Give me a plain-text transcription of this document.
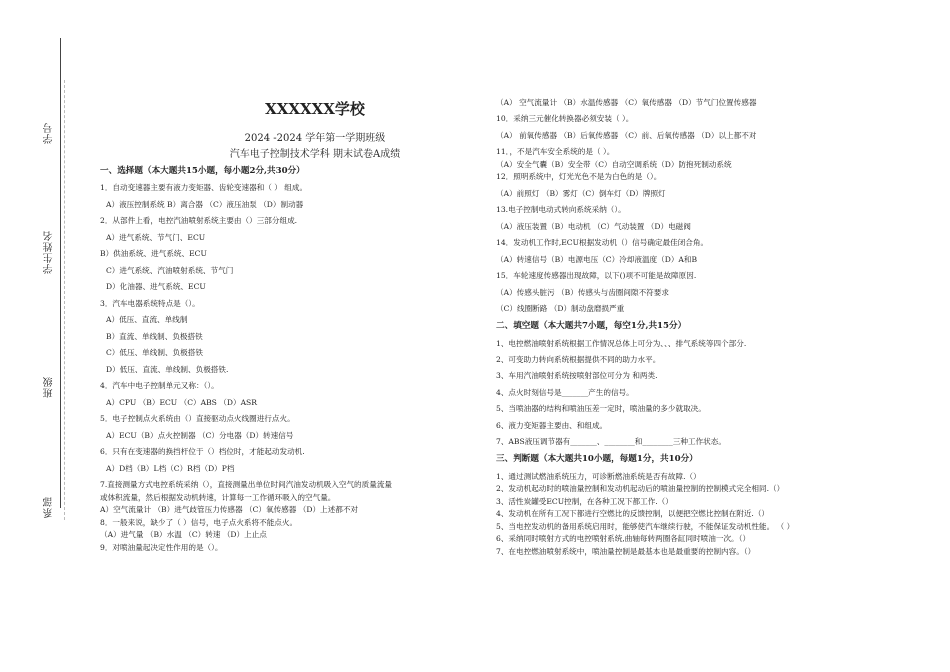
学号
学生姓名
班级
系部
XXXXXX学校
2024 -2024 学年第一学期班级
汽车电子控制技术学科 期末试卷A成绩
一、选择题（本大题共15小题，每小题2分,共30分）
1．自动变速器主要有液力变矩器、齿轮变速器和（ ） 组成。
A）液压控制系统 B）离合器 （C）液压油泵 （D）制动器
2．从部件上看，电控汽油喷射系统主要由（）三部分组成.
A）进气系统、节气门、ECU
B）供油系统、进气系统、ECU
C）进气系统、汽油喷射系统、节气门
D）化油器、进气系统、ECU
3．汽车电器系统特点是（）。
A）低压、直流、单线制
B）直流、单线制、负极搭铁
C）低压、单线制、负极搭铁
D）低压、直流、单线制、负极搭铁.
4．汽车中电子控制单元又称：（）。
A）CPU （B）ECU （C）ABS （D）ASR
5．电子控制点火系统由（）直接驱动点火线圈进行点火。
A）ECU（B）点火控制器 （C）分电器（D）转速信号
6．只有在变速器的换挡杆位于（）档位时，才能起动发动机.
A）D档（B）L档（C）R档（D）P档
7.直接测量方式电控系统采纳（），直接测量出单位时间汽油发动机吸入空气的质量流量
或体积流量，然后根据发动机转速，计算每一工作循环吸入的空气量。
A）空气流量计 （B）进气歧管压力传感器 （C）氧传感器 （D）上述都不对
8．一般来说，缺少了（ ）信号，电子点火系将不能点火。
（A）进气量 （B）水温 （C）转速 （D）上止点
9．对喷油量起决定性作用的是（）。
（A） 空气流量计 （B）水温传感器 （C）氧传感器 （D）节气门位置传感器
10．采纳三元催化转换器必须安装（ ）。
（A） 前氧传感器 （B）后氧传感器 （C）前、后氧传感器 （D）以上都不对
11．，不是汽车安全系统的是（ ）。
（A）安全气囊（B）安全带（C）自动空调系统（D）防抱死制动系统
12．照明系统中，灯光光色不是为白色的是（）。
（A）前照灯 （B）雾灯（C）倒车灯（D）牌照灯
13.电子控制电动式转向系统采纳（）。
（A）液压装置（B）电动机 （C）气动装置 （D）电磁阀
14．发动机工作时,ECU根据发动机（）信号确定最佳闭合角。
（A）转速信号（B）电源电压（C）冷却液温度（D）A和B
15．车轮速度传感器出现故障，以下()项不可能是故障原因.
（A）传感头脏污 （B）传感头与齿圈间隙不符要求
（C）线圈断路 （D）制动盘磨损严重
二、填空题（本大题共7小题，每空1分,共15分）
1、电控燃油喷射系统根据工作情况总体上可分为、、、排气系统等四个部分.
2、可变助力转向系统根据提供不同的助力水平。
3、车用汽油喷射系统按喷射部位可分为 和两类.
4、点火时刻信号是_______产生的信号。
5、当喷油器的结构和喷油压差一定时，喷油量的多少就取决。
6、液力变矩器主要由、和组成。
7、ABS液压调节器有_______、________和________三种工作状态。
三、判断题（本大题共10小题，每题1分，共10分）
1、通过测试燃油系统压力，可诊断燃油系统是否有故障.（）
2、发动机起动时的喷油量控制和发动机起动后的喷油量控制的控制模式完全相同.（）
3、活性炭罐受ECU控制，在各种工况下都工作.（）
4、发动机在所有工况下都进行空燃比的反馈控制，以便把空燃比控制在附近.（）
5、当电控发动机的备用系统启用时，能够使汽车继续行驶，不能保证发动机性能。 （ ）
6、采纳同时喷射方式的电控喷射系统,曲轴每转两圈各缸同时喷油一次。（）
7、在电控燃油喷射系统中，喷油量控制是最基本也是最重要的控制内容。（）
